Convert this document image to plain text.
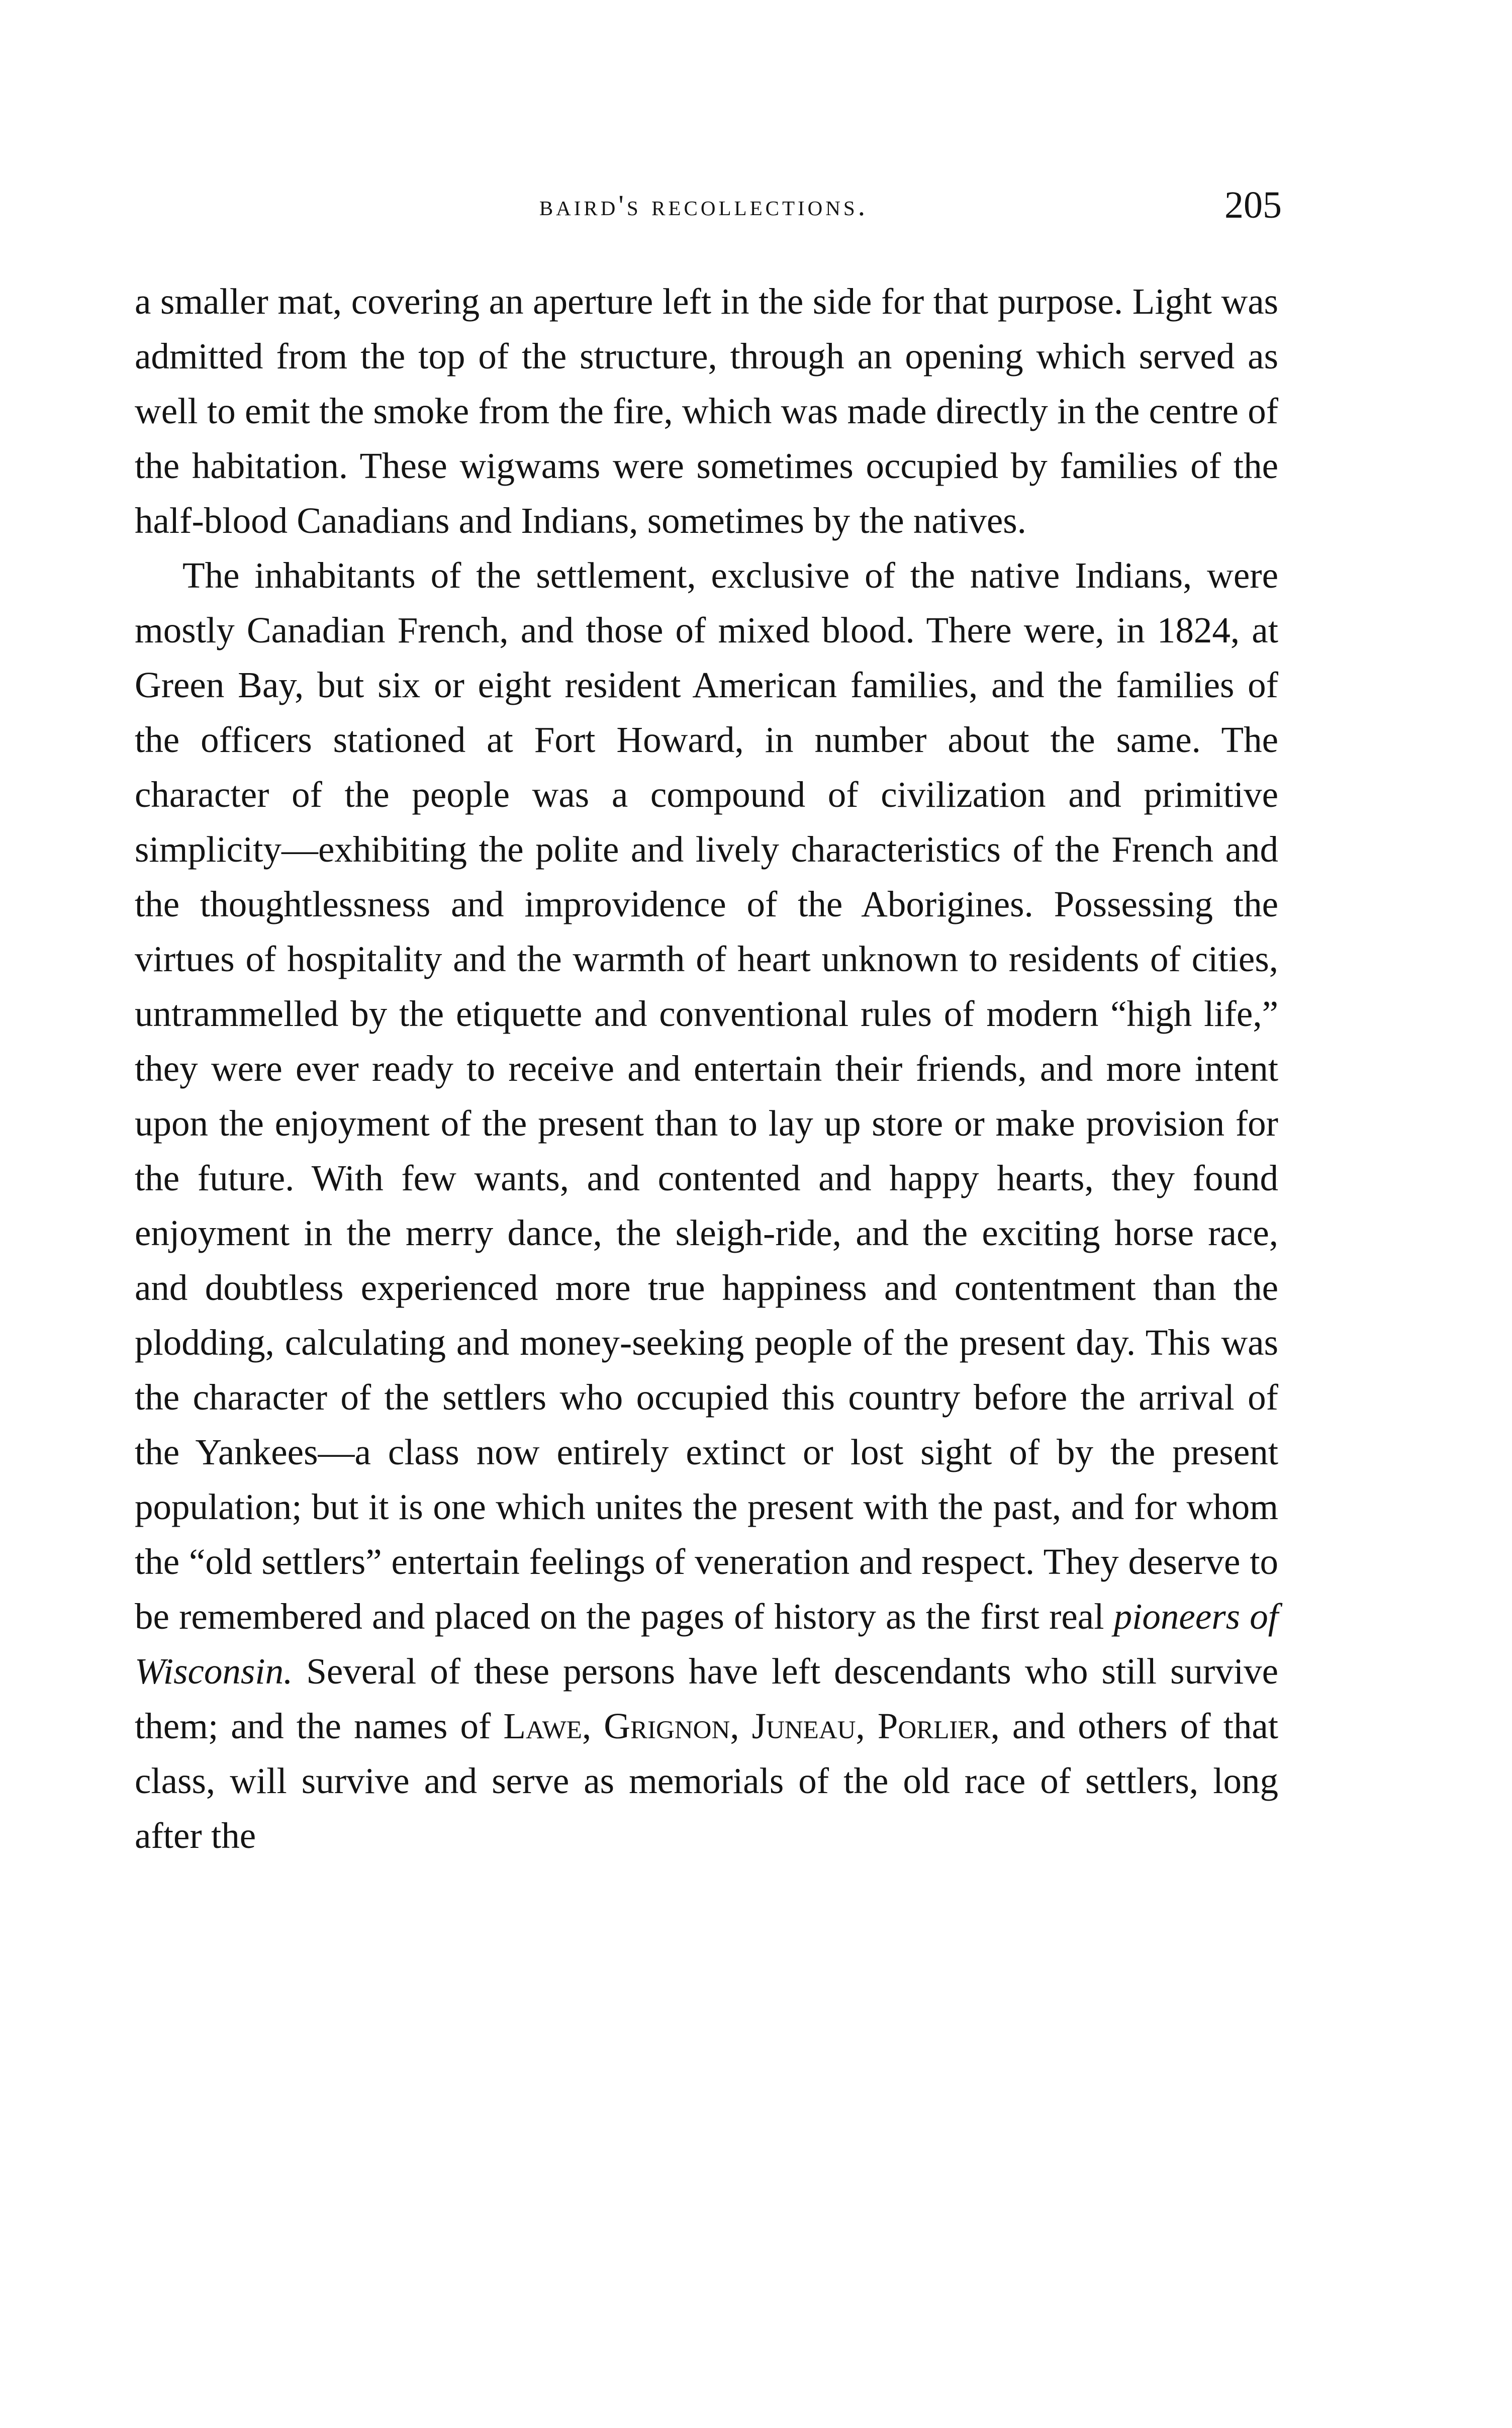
baird's recollections.	205

a smaller mat, covering an aperture left in the side for that purpose. Light was admitted from the top of the structure, through an opening which served as well to emit the smoke from the fire, which was made directly in the centre of the habitation. These wigwams were sometimes occupied by families of the half-blood Canadians and Indians, sometimes by the natives.

The inhabitants of the settlement, exclusive of the native Indians, were mostly Canadian French, and those of mixed blood. There were, in 1824, at Green Bay, but six or eight resident American families, and the families of the officers stationed at Fort Howard, in number about the same. The character of the people was a compound of civilization and primitive simplicity—exhibiting the polite and lively characteristics of the French and the thoughtlessness and improvidence of the Aborigines. Possessing the virtues of hospitality and the warmth of heart unknown to residents of cities, untrammelled by the etiquette and conventional rules of modern “high life,” they were ever ready to receive and entertain their friends, and more intent upon the enjoyment of the present than to lay up store or make provision for the future. With few wants, and contented and happy hearts, they found enjoyment in the merry dance, the sleigh-ride, and the exciting horse race, and doubtless experienced more true happiness and contentment than the plodding, calculating and money-seeking people of the present day. This was the character of the settlers who occupied this country before the arrival of the Yankees—a class now entirely extinct or lost sight of by the present population; but it is one which unites the present with the past, and for whom the “old settlers” entertain feelings of veneration and respect. They deserve to be remembered and placed on the pages of history as the first real pioneers of Wisconsin. Several of these persons have left descendants who still survive them; and the names of Lawe, Grignon, Juneau, Porlier, and others of that class, will survive and serve as memorials of the old race of settlers, long after the
